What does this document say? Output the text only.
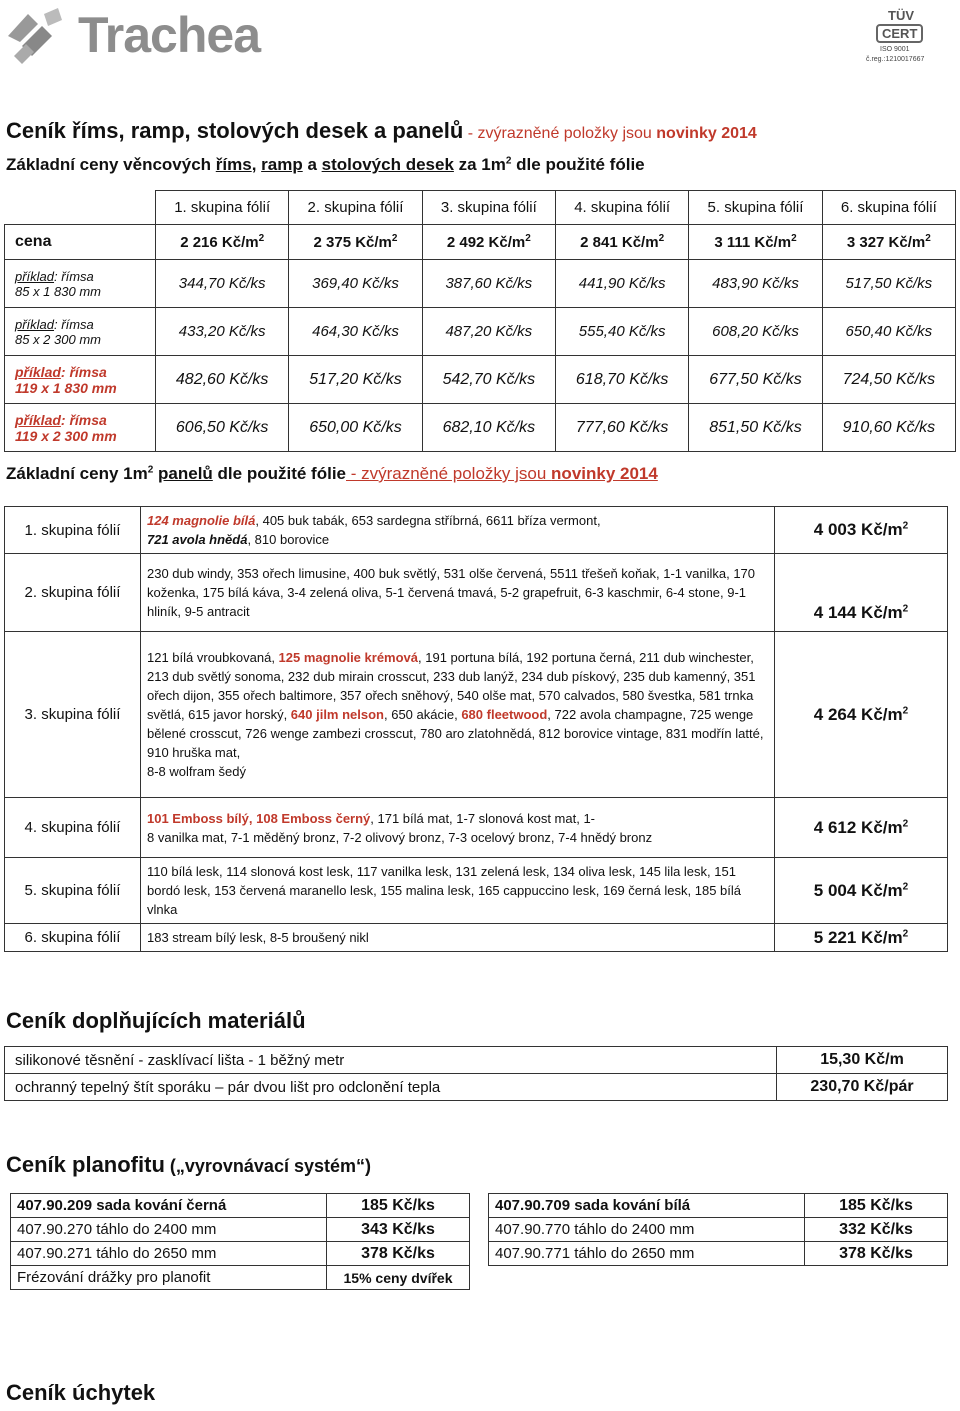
Trachea	TÜV
CERT
ISO 9001
č.reg.:1210017667
Ceník říms, ramp, stolových desek a panelů - zvýrazněné položky jsou novinky 2014
Základní ceny věncových říms, ramp a stolových desek za $1m^2$ dle použité fólie
	1. skupina fólií	2. skupina fólií	3. skupina fólií	4. skupina fólií	5. skupina fólií	6. skupina fólií
cena	2 216 $Kč/m^2$	2 375 $Kč/m^2$	2 492 $Kč/m^2$	2 841 $Kč/m^2$	3 111 $Kč/m^2$	3 327 $Kč/m^2$

příklad: římsa
85 x 1 830 mm	344,70 Kč/ks	369,40 Kč/ks	387,60 Kč/ks	441,90 Kč/ks	483,90 Kč/ks	517,50 Kč/ks

příklad: římsa
85 x 2 300 mm	433,20 Kč/ks	464,30 Kč/ks	487,20 Kč/ks	555,40 Kč/ks	608,20 Kč/ks	650,40 Kč/ks

příklad: římsa
119 x 1 830 mm	482,60 Kč/ks	517,20 Kč/ks	542,70 Kč/ks	618,70 Kč/ks	677,50 Kč/ks	724,50 Kč/ks

příklad: římsa
119 x 2 300 mm	606,50 Kč/ks	650,00 Kč/ks	682,10 Kč/ks	777,60 Kč/ks	851,50 Kč/ks	910,60 Kč/ks
Základní ceny $1m^2$ panelů dle použité fólie - zvýrazněné položky jsou novinky 2014
1. skupina fólií	124 magnolie bílá, 405 buk tabák, 653 sardegna stříbrná, 6611 bříza vermont,
721 avola hnědá, 810 borovice	4 003 $Kč/m^2$
2. skupina fólií	230 dub windy, 353 ořech limusine, 400 buk světlý, 531 olše červená, 5511 třešeň koňak, 1-1 vanilka, 170 koženka, 175 bílá káva, 3-4 zelená oliva, 5-1 červená tmavá, 5-2 grapefruit, 6-3 kaschmir, 6-4 stone, 9-1 hliník, 9-5 antracit	4 144 $Kč/m^2$
3. skupina fólií	121 bílá vroubkovaná, 125 magnolie krémová, 191 portuna bílá, 192 portuna černá, 211 dub winchester, 213 dub světlý sonoma, 232 dub mirain crosscut, 233 dub lanýž, 234 dub pískový, 235 dub kamenný, 351 ořech dijon, 355 ořech baltimore, 357 ořech sněhový, 540 olše mat, 570 calvados, 580 švestka, 581 trnka světlá, 615 javor horský, 640 jilm nelson, 650 akácie, 680 fleetwood, 722 avola champagne, 725 wenge bělené crosscut, 726 wenge zambezi crosscut, 780 aro zlatohnědá, 812 borovice vintage, 831 modřín latté, 910 hruška mat,
8-8 wolfram šedý	4 264 $Kč/m^2$
4. skupina fólií	101 Emboss bílý, 108 Emboss černý, 171 bílá mat, 1-7 slonová kost mat, 1-
8 vanilka mat, 7-1 měděný bronz, 7-2 olivový bronz, 7-3 ocelový bronz, 7-4 hnědý bronz	4 612 $Kč/m^2$
5. skupina fólií	110 bílá lesk, 114 slonová kost lesk, 117 vanilka lesk, 131 zelená lesk, 134 oliva lesk, 145 lila lesk, 151 bordó lesk, 153 červená maranello lesk, 155 malina lesk, 165 cappuccino lesk, 169 černá lesk, 185 bílá vlnka	5 004 $Kč/m^2$
6. skupina fólií	183 stream bílý lesk, 8-5 broušený nikl	5 221 $Kč/m^2$
Ceník doplňujících materiálů
silikonové těsnění - zasklívací lišta - 1 běžný metr	15,30 Kč/m
ochranný tepelný štít sporáku – pár dvou lišt pro odclonění tepla	230,70 Kč/pár
Ceník planofitu („vyrovnávací systém“)
407.90.209 sada kování černá	185 Kč/ks
407.90.270 táhlo do 2400 mm	343 Kč/ks
407.90.271 táhlo do 2650 mm	378 Kč/ks
Frézování drážky pro planofit	15% ceny dvířek
407.90.709 sada kování bílá	185 Kč/ks
407.90.770 táhlo do 2400 mm	332 Kč/ks
407.90.771 táhlo do 2650 mm	378 Kč/ks
Ceník úchytek
